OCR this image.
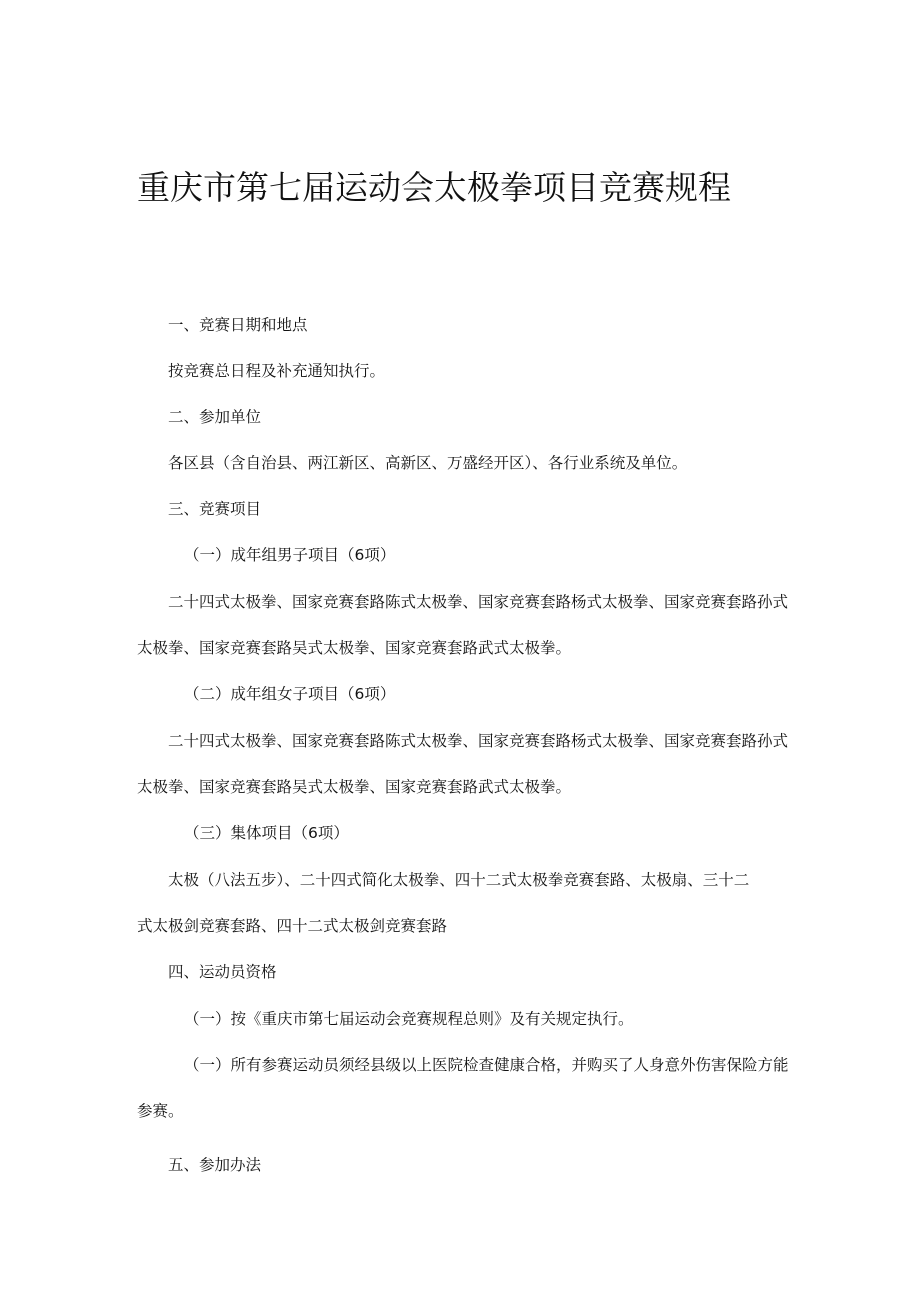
重庆市第七届运动会太极拳项目竞赛规程
一、竞赛日期和地点
按竞赛总日程及补充通知执行。
二、参加单位
各区县（含自治县、两江新区、高新区、万盛经开区）、各行业系统及单位。
三、竞赛项目
（一）成年组男子项目（6项）
二十四式太极拳、国家竞赛套路陈式太极拳、国家竞赛套路杨式太极拳、国家竞赛套路孙式
太极拳、国家竞赛套路吴式太极拳、国家竞赛套路武式太极拳。
（二）成年组女子项目（6项）
二十四式太极拳、国家竞赛套路陈式太极拳、国家竞赛套路杨式太极拳、国家竞赛套路孙式
太极拳、国家竞赛套路吴式太极拳、国家竞赛套路武式太极拳。
（三）集体项目（6项）
太极（八法五步）、二十四式简化太极拳、四十二式太极拳竞赛套路、太极扇、三十二
式太极剑竞赛套路、四十二式太极剑竞赛套路
四、运动员资格
（一）按《重庆市第七届运动会竞赛规程总则》及有关规定执行。
（一）所有参赛运动员须经县级以上医院检查健康合格，并购买了人身意外伤害保险方能
参赛。
五、参加办法
